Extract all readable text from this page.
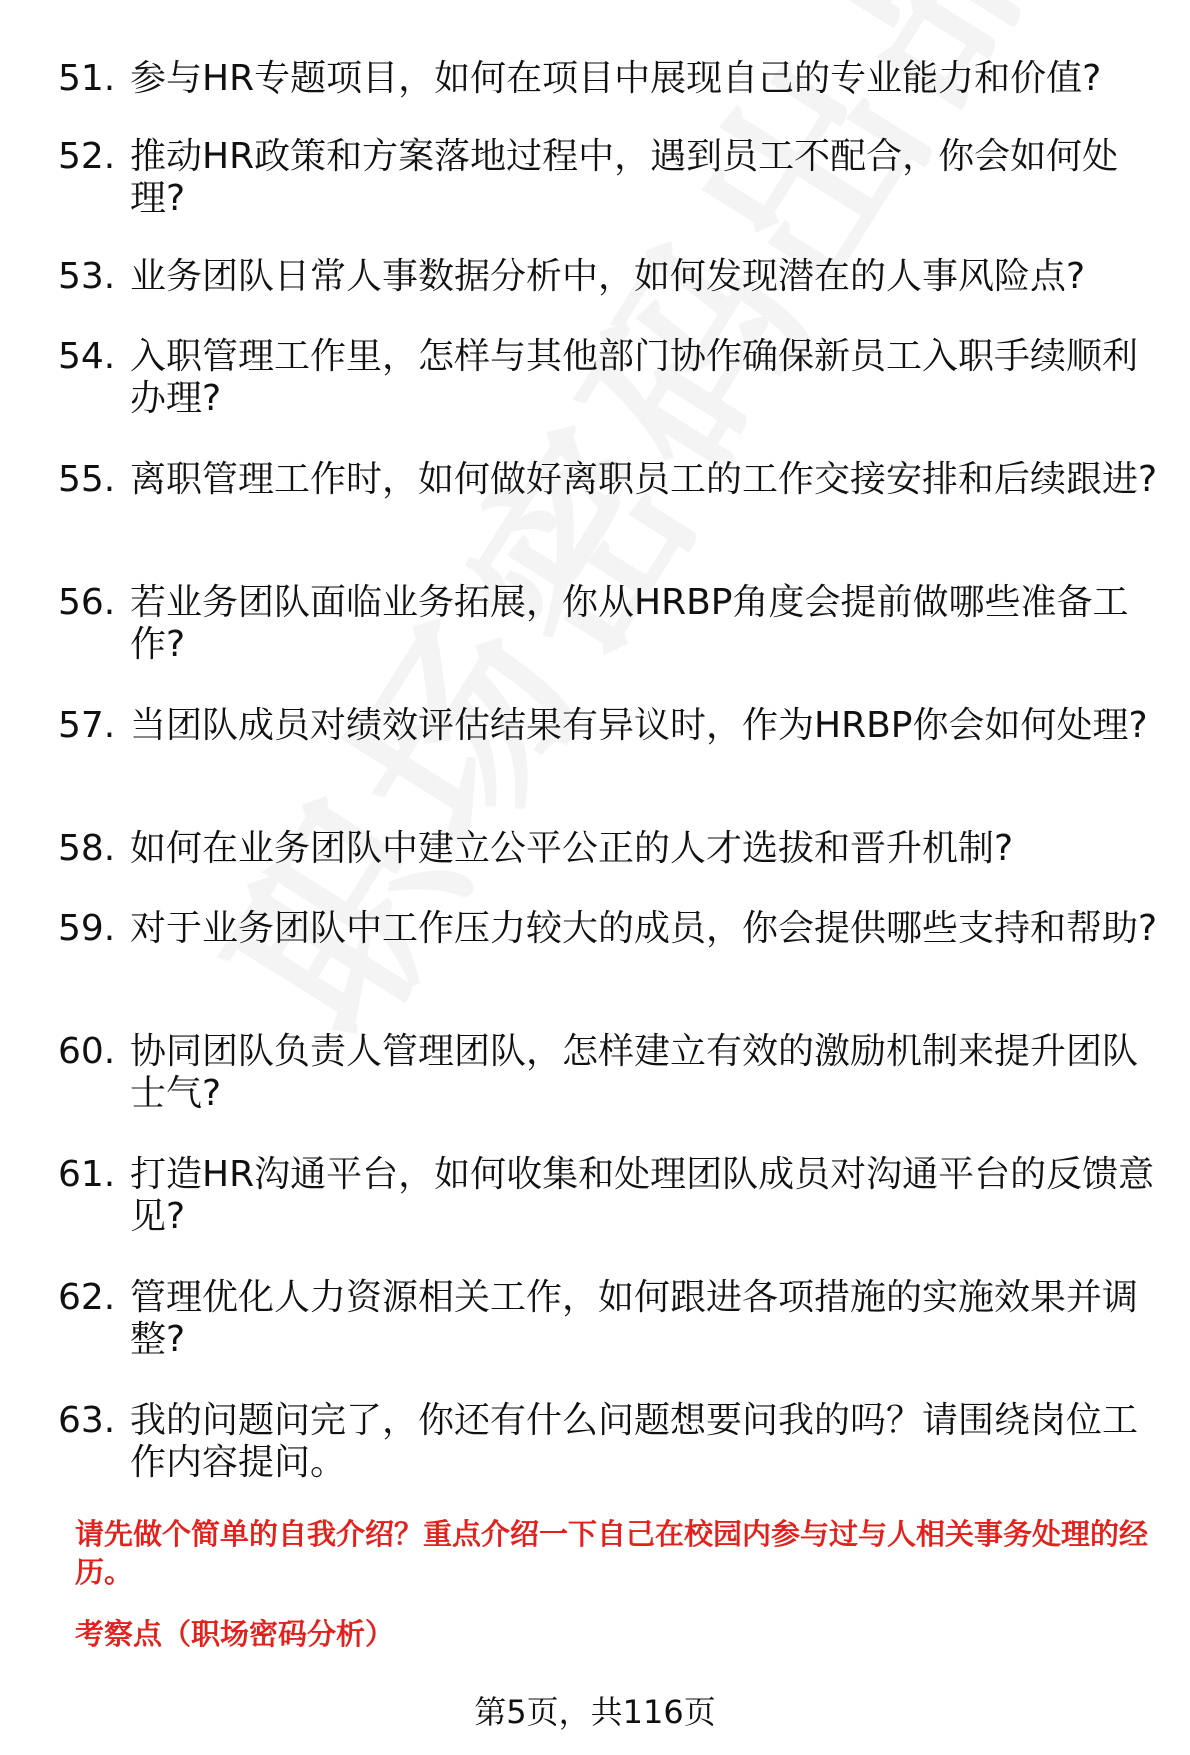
51. 参与HR专题项目，如何在项目中展现自己的专业能力和价值?
52. 推动HR政策和方案落地过程中，遇到员工不配合，你会如何处理?
53. 业务团队日常人事数据分析中，如何发现潜在的人事风险点?
54. 入职管理工作里，怎样与其他部门协作确保新员工入职手续顺利办理?
55. 离职管理工作时，如何做好离职员工的工作交接安排和后续跟进?
56. 若业务团队面临业务拓展，你从HRBP角度会提前做哪些准备工作?
57. 当团队成员对绩效评估结果有异议时，作为HRBP你会如何处理?
58. 如何在业务团队中建立公平公正的人才选拔和晋升机制?
59. 对于业务团队中工作压力较大的成员，你会提供哪些支持和帮助?
60. 协同团队负责人管理团队，怎样建立有效的激励机制来提升团队士气?
61. 打造HR沟通平台，如何收集和处理团队成员对沟通平台的反馈意见?
62. 管理优化人力资源相关工作，如何跟进各项措施的实施效果并调整?
63. 我的问题问完了，你还有什么问题想要问我的吗？请围绕岗位工作内容提问。
请先做个简单的自我介绍？重点介绍一下自己在校园内参与过与人相关事务处理的经历。
考察点（职场密码分析）
第5页，共116页
